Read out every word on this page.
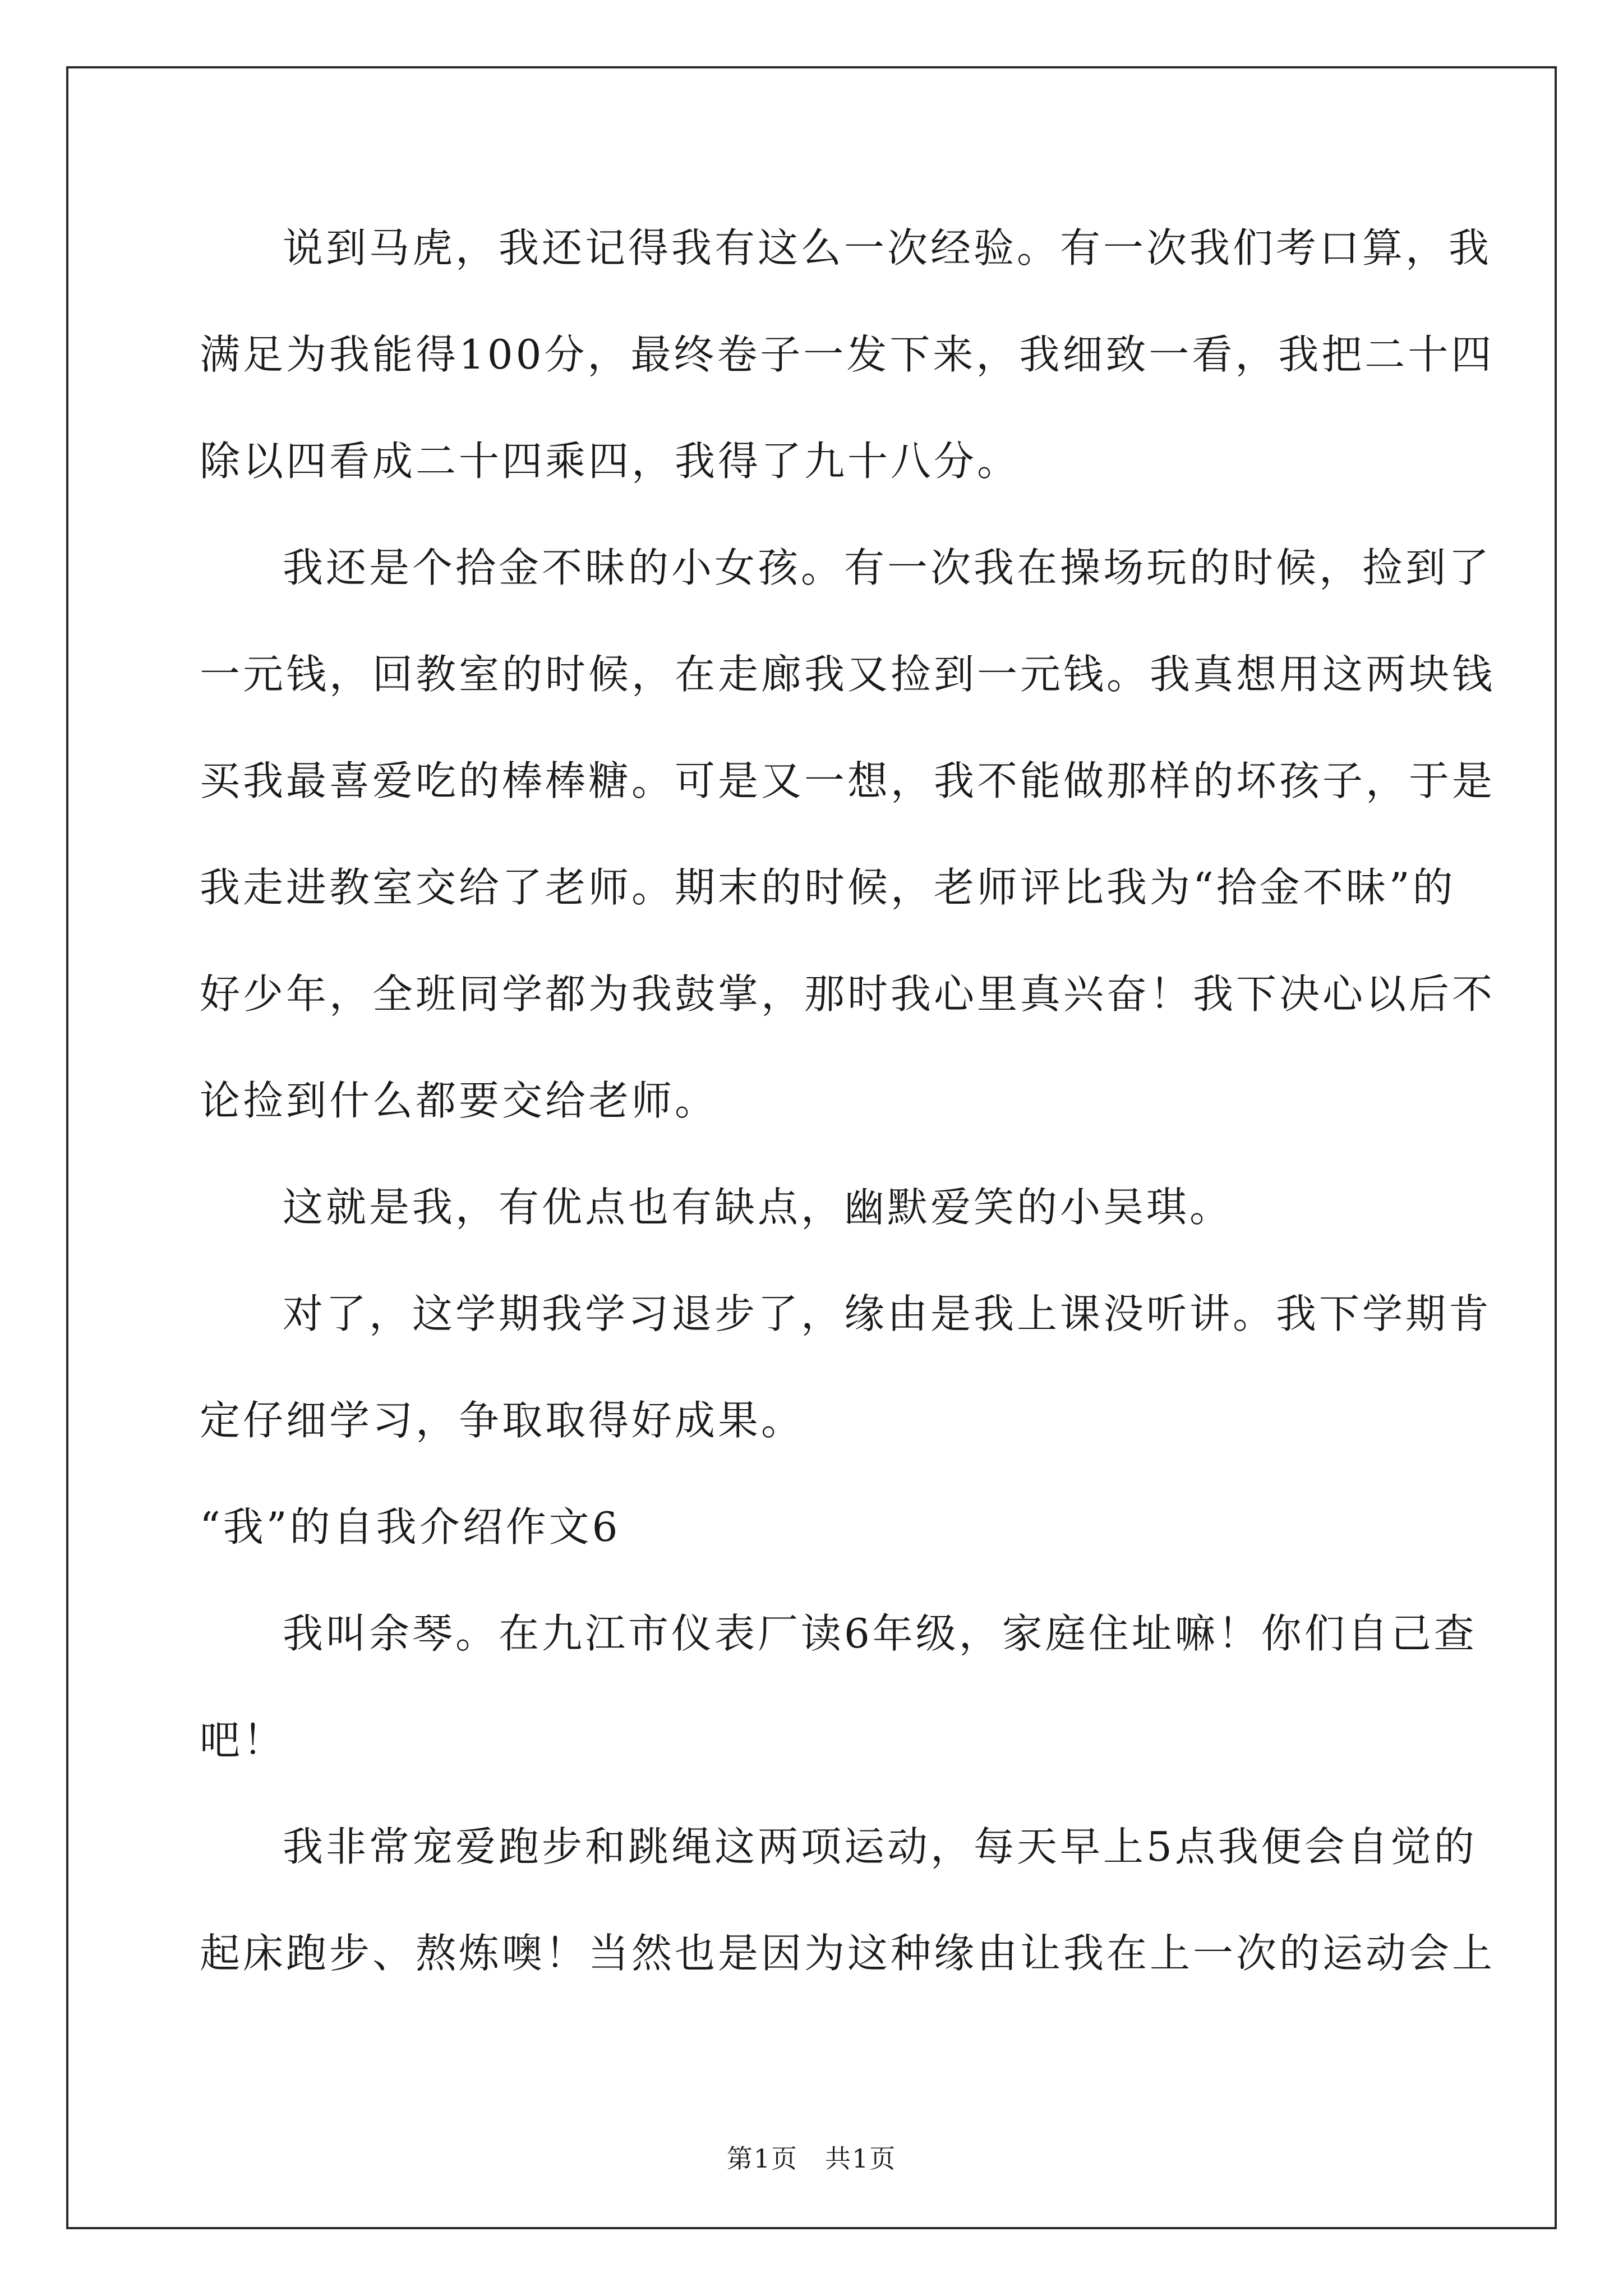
说到马虎，我还记得我有这么一次经验。有一次我们考口算，我
满足为我能得100分，最终卷子一发下来，我细致一看，我把二十四
除以四看成二十四乘四，我得了九十八分。
我还是个拾金不昧的小女孩。有一次我在操场玩的时候，捡到了
一元钱，回教室的时候，在走廊我又捡到一元钱。我真想用这两块钱
买我最喜爱吃的棒棒糖。可是又一想，我不能做那样的坏孩子，于是
我走进教室交给了老师。期末的时候，老师评比我为“拾金不昧”的
好少年，全班同学都为我鼓掌，那时我心里真兴奋！我下决心以后不
论捡到什么都要交给老师。
这就是我，有优点也有缺点，幽默爱笑的小吴琪。
对了，这学期我学习退步了，缘由是我上课没听讲。我下学期肯
定仔细学习，争取取得好成果。
“我”的自我介绍作文6
我叫余琴。在九江市仪表厂读6年级，家庭住址嘛！你们自己查
吧！
我非常宠爱跑步和跳绳这两项运动，每天早上5点我便会自觉的
起床跑步、熬炼噢！当然也是因为这种缘由让我在上一次的运动会上
第1页　共1页
